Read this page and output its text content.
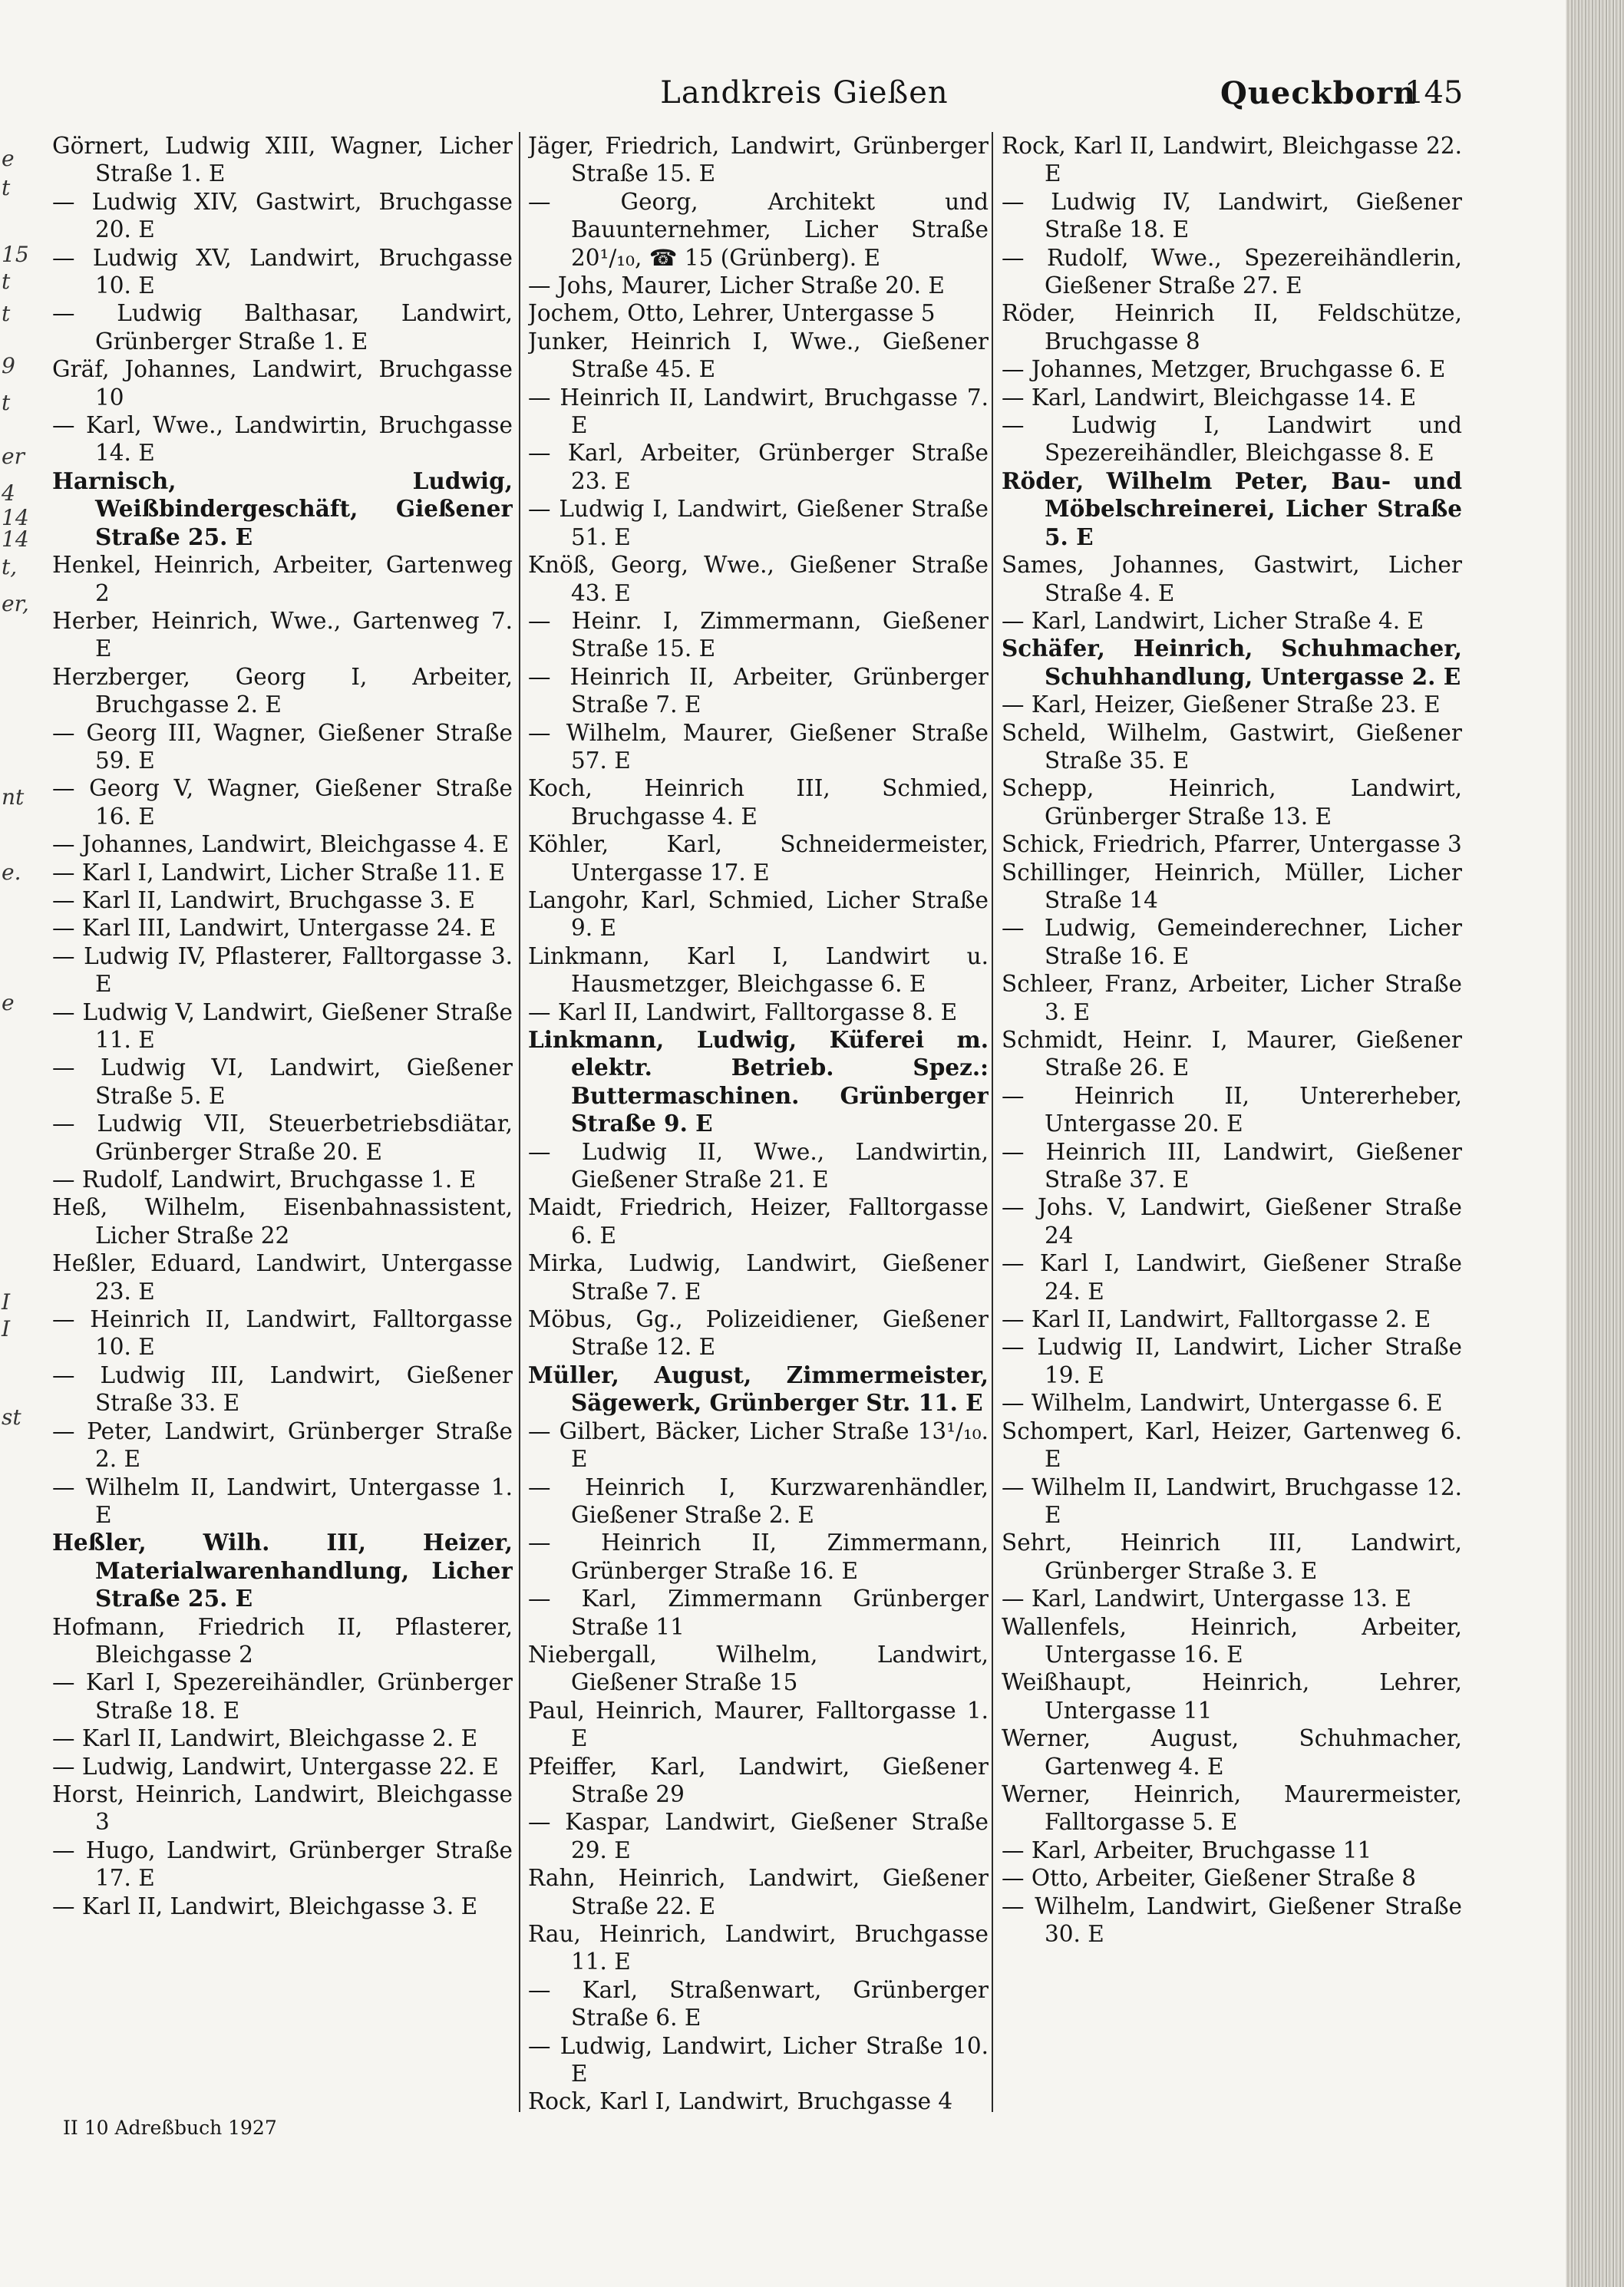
e
t
15
t
t
9
t
er
4
14
14
t,
er,
nt
e.
e
I
I
st
Landkreis Gießen	Queckborn
145
Görnert, Ludwig XIII, Wagner, Licher Straße 1. E
— Ludwig XIV, Gastwirt, Bruchgasse 20. E
— Ludwig XV, Landwirt, Bruchgasse 10. E
— Ludwig Balthasar, Landwirt, Grünberger Straße 1. E
Gräf, Johannes, Landwirt, Bruchgasse 10
— Karl, Wwe., Landwirtin, Bruchgasse 14. E
Harnisch, Ludwig, Weißbindergeschäft, Gießener Straße 25. E
Henkel, Heinrich, Arbeiter, Gartenweg 2
Herber, Heinrich, Wwe., Gartenweg 7. E
Herzberger, Georg I, Arbeiter, Bruchgasse 2. E
— Georg III, Wagner, Gießener Straße 59. E
— Georg V, Wagner, Gießener Straße 16. E
— Johannes, Landwirt, Bleichgasse 4. E
— Karl I, Landwirt, Licher Straße 11. E
— Karl II, Landwirt, Bruchgasse 3. E
— Karl III, Landwirt, Untergasse 24. E
— Ludwig IV, Pflasterer, Falltorgasse 3. E
— Ludwig V, Landwirt, Gießener Straße 11. E
— Ludwig VI, Landwirt, Gießener Straße 5. E
— Ludwig VII, Steuerbetriebsdiätar, Grünberger Straße 20. E
— Rudolf, Landwirt, Bruchgasse 1. E
Heß, Wilhelm, Eisenbahnassistent, Licher Straße 22
Heßler, Eduard, Landwirt, Untergasse 23. E
— Heinrich II, Landwirt, Falltorgasse 10. E
— Ludwig III, Landwirt, Gießener Straße 33. E
— Peter, Landwirt, Grünberger Straße 2. E
— Wilhelm II, Landwirt, Untergasse 1. E
Heßler, Wilh. III, Heizer, Materialwarenhandlung, Licher Straße 25. E
Hofmann, Friedrich II, Pflasterer, Bleichgasse 2
— Karl I, Spezereihändler, Grünberger Straße 18. E
— Karl II, Landwirt, Bleichgasse 2. E
— Ludwig, Landwirt, Untergasse 22. E
Horst, Heinrich, Landwirt, Bleichgasse 3
— Hugo, Landwirt, Grünberger Straße 17. E
— Karl II, Landwirt, Bleichgasse 3. E
Jäger, Friedrich, Landwirt, Grünberger Straße 15. E
— Georg, Architekt und Bauunternehmer, Licher Straße 20¹/₁₀, ☎ 15 (Grünberg). E
— Johs, Maurer, Licher Straße 20. E
Jochem, Otto, Lehrer, Untergasse 5
Junker, Heinrich I, Wwe., Gießener Straße 45. E
— Heinrich II, Landwirt, Bruchgasse 7. E
— Karl, Arbeiter, Grünberger Straße 23. E
— Ludwig I, Landwirt, Gießener Straße 51. E
Knöß, Georg, Wwe., Gießener Straße 43. E
— Heinr. I, Zimmermann, Gießener Straße 15. E
— Heinrich II, Arbeiter, Grünberger Straße 7. E
— Wilhelm, Maurer, Gießener Straße 57. E
Koch, Heinrich III, Schmied, Bruchgasse 4. E
Köhler, Karl, Schneidermeister, Untergasse 17. E
Langohr, Karl, Schmied, Licher Straße 9. E
Linkmann, Karl I, Landwirt u. Hausmetzger, Bleichgasse 6. E
— Karl II, Landwirt, Falltorgasse 8. E
Linkmann, Ludwig, Küferei m. elektr. Betrieb. Spez.: Buttermaschinen. Grünberger Straße 9. E
— Ludwig II, Wwe., Landwirtin, Gießener Straße 21. E
Maidt, Friedrich, Heizer, Falltorgasse 6. E
Mirka, Ludwig, Landwirt, Gießener Straße 7. E
Möbus, Gg., Polizeidiener, Gießener Straße 12. E
Müller, August, Zimmermeister, Sägewerk, Grünberger Str. 11. E
— Gilbert, Bäcker, Licher Straße 13¹/₁₀. E
— Heinrich I, Kurzwarenhändler, Gießener Straße 2. E
— Heinrich II, Zimmermann, Grünberger Straße 16. E
— Karl, Zimmermann Grünberger Straße 11
Niebergall, Wilhelm, Landwirt, Gießener Straße 15
Paul, Heinrich, Maurer, Falltorgasse 1. E
Pfeiffer, Karl, Landwirt, Gießener Straße 29
— Kaspar, Landwirt, Gießener Straße 29. E
Rahn, Heinrich, Landwirt, Gießener Straße 22. E
Rau, Heinrich, Landwirt, Bruchgasse 11. E
— Karl, Straßenwart, Grünberger Straße 6. E
— Ludwig, Landwirt, Licher Straße 10. E
Rock, Karl I, Landwirt, Bruchgasse 4
Rock, Karl II, Landwirt, Bleichgasse 22. E
— Ludwig IV, Landwirt, Gießener Straße 18. E
— Rudolf, Wwe., Spezereihändlerin, Gießener Straße 27. E
Röder, Heinrich II, Feldschütze, Bruchgasse 8
— Johannes, Metzger, Bruchgasse 6. E
— Karl, Landwirt, Bleichgasse 14. E
— Ludwig I, Landwirt und Spezereihändler, Bleichgasse 8. E
Röder, Wilhelm Peter, Bau- und Möbelschreinerei, Licher Straße 5. E
Sames, Johannes, Gastwirt, Licher Straße 4. E
— Karl, Landwirt, Licher Straße 4. E
Schäfer, Heinrich, Schuhmacher, Schuhhandlung, Untergasse 2. E
— Karl, Heizer, Gießener Straße 23. E
Scheld, Wilhelm, Gastwirt, Gießener Straße 35. E
Schepp, Heinrich, Landwirt, Grünberger Straße 13. E
Schick, Friedrich, Pfarrer, Untergasse 3
Schillinger, Heinrich, Müller, Licher Straße 14
— Ludwig, Gemeinderechner, Licher Straße 16. E
Schleer, Franz, Arbeiter, Licher Straße 3. E
Schmidt, Heinr. I, Maurer, Gießener Straße 26. E
— Heinrich II, Untererheber, Untergasse 20. E
— Heinrich III, Landwirt, Gießener Straße 37. E
— Johs. V, Landwirt, Gießener Straße 24
— Karl I, Landwirt, Gießener Straße 24. E
— Karl II, Landwirt, Falltorgasse 2. E
— Ludwig II, Landwirt, Licher Straße 19. E
— Wilhelm, Landwirt, Untergasse 6. E
Schompert, Karl, Heizer, Gartenweg 6. E
— Wilhelm II, Landwirt, Bruchgasse 12. E
Sehrt, Heinrich III, Landwirt, Grünberger Straße 3. E
— Karl, Landwirt, Untergasse 13. E
Wallenfels, Heinrich, Arbeiter, Untergasse 16. E
Weißhaupt, Heinrich, Lehrer, Untergasse 11
Werner, August, Schuhmacher, Gartenweg 4. E
Werner, Heinrich, Maurermeister, Falltorgasse 5. E
— Karl, Arbeiter, Bruchgasse 11
— Otto, Arbeiter, Gießener Straße 8
— Wilhelm, Landwirt, Gießener Straße 30. E
II 10 Adreßbuch 1927
